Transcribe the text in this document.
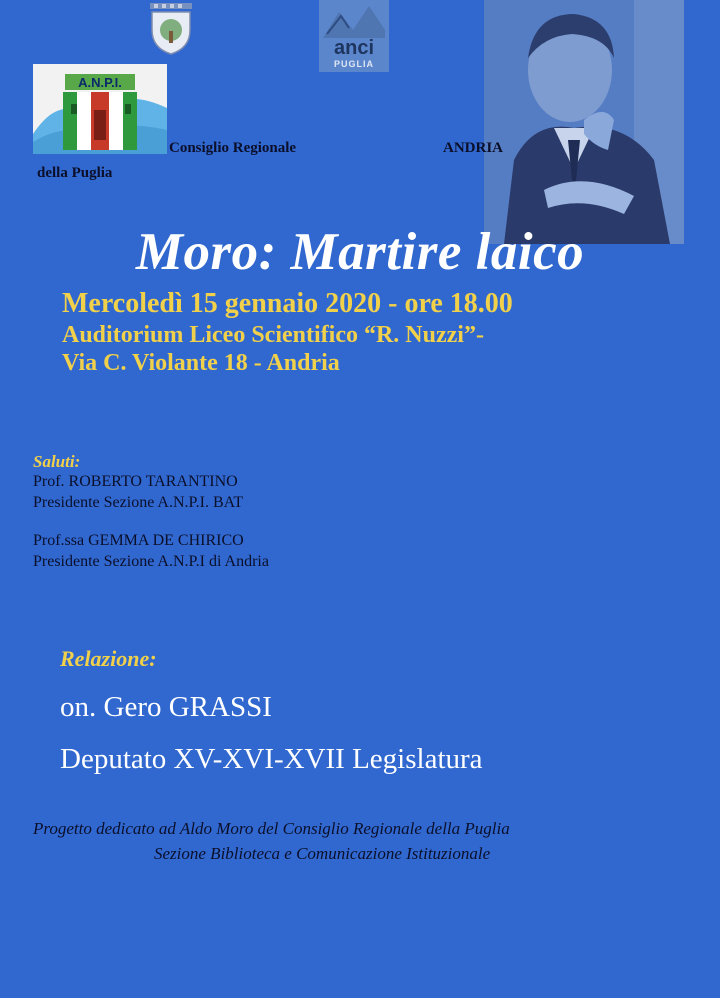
anci
PUGLIA
A.N.P.I.
Consiglio Regionale	ANDRIA
della Puglia
Moro: Martire laico
Mercoledì 15 gennaio 2020 - ore 18.00
Auditorium Liceo Scientifico “R. Nuzzi”-
Via C. Violante 18 - Andria
Saluti:
Prof. ROBERTO TARANTINO
Presidente Sezione A.N.P.I. BAT
Prof.ssa GEMMA DE CHIRICO
Presidente Sezione A.N.P.I di Andria
Relazione:
on. Gero GRASSI
Deputato XV-XVI-XVII Legislatura
Progetto dedicato ad Aldo Moro del Consiglio Regionale della Puglia
Sezione Biblioteca e Comunicazione Istituzionale
